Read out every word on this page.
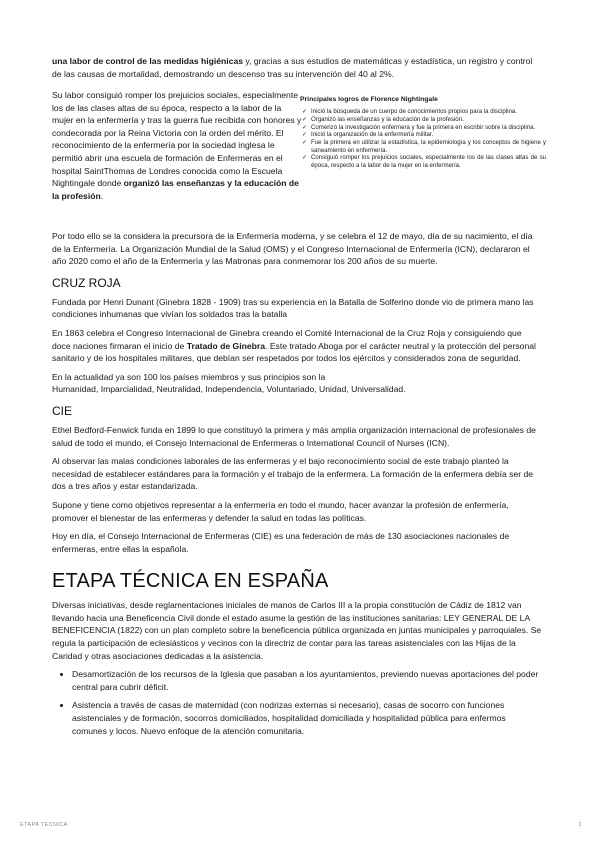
una labor de control de las medidas higiénicas y, gracias a sus estudios de matemáticas y estadística, un registro y control de las causas de mortalidad, demostrando un descenso tras su intervención del 40 al 2%.

Su labor consiguió romper los prejuicios sociales, especialmente los de las clases altas de su época, respecto a la labor de la mujer en la enfermería y tras la guerra fue recibida con honores y condecorada por la Reina Victoria con la orden del mérito. El reconocimiento de la enfermería por la sociedad inglesa le permitió abrir una escuela de formación de Enfermeras en el hospital SaintThomas de Londres conocida como la Escuela Nightingale donde organizó las enseñanzas y la educación de la profesión.

Principales logros de Florence Nightingale
✓ Inició la búsqueda de un cuerpo de conocimientos propios para la disciplina.
✓ Organizó las enseñanzas y la educación de la profesión.
✓ Comenzó la investigación enfermera y fue la primera en escribir sobre la disciplina.
✓ Inició la organización de la enfermería militar.
✓ Fue la primera en utilizar la estadística, la epidemiología y los conceptos de higiene y saneamiento en enfermería.
✓ Consiguió romper los prejuicios sociales, especialmente los de las clases altas de su época, respecto a la labor de la mujer en la enfermería.

Por todo ello se la considera la precursora de la Enfermería moderna, y se celebra el 12 de mayo, día de su nacimiento, el día de la Enfermería. La Organización Mundial de la Salud (OMS) y el Congreso Internacional de Enfermería (ICN), declararon el año 2020 como el año de la Enfermería y las Matronas para conmemorar los 200 años de su muerte.

CRUZ ROJA

Fundada por Henri Dunant (Ginebra 1828 - 1909) tras su experiencia en la Batalla de Solferino donde vio de primera mano las condiciones inhumanas que vivían los soldados tras la batalla

En 1863 celebra el Congreso Internacional de Ginebra creando el Comité Internacional de la Cruz Roja y consiguiendo que doce naciones firmaran el inicio de Tratado de Ginebra. Este tratado Aboga por el carácter neutral y la protección del personal sanitario y de los hospitales militares, que debían ser respetados por todos los ejércitos y considerados zona de seguridad.

En la actualidad ya son 100 los países miembros y sus principios son la
Humanidad, Imparcialidad, Neutralidad, Independencia, Voluntariado, Unidad, Universalidad.

CIE

Ethel Bedford-Fenwick funda en 1899 lo que constituyó la primera y más amplia organización internacional de profesionales de salud de todo el mundo, el Consejo Internacional de Enfermeras o International Council of Nurses (ICN).

Al observar las malas condiciones laborales de las enfermeras y el bajo reconocimiento social de este trabajo planteó la necesidad de establecer estándares para la formación y el trabajo de la enfermera. La formación de la enfermera debía ser de dos a tres años y estar estandarizada.

Supone y tiene como objetivos representar a la enfermería en todo el mundo, hacer avanzar la profesión de enfermería, promover el bienestar de las enfermeras y defender la salud en todas las políticas.

Hoy en día, el Consejo Internacional de Enfermeras (CIE) es una federación de más de 130 asociaciones nacionales de enfermeras, entre ellas la española.

ETAPA TÉCNICA EN ESPAÑA

Diversas iniciativas, desde reglamentaciones iniciales de manos de Carlos III a la propia constitución de Cádiz de 1812 van llevando hacia una Beneficencia Civil donde el estado asume la gestión de las instituciones sanitarias: LEY GENERAL DE LA BENEFICENCIA (1822) con un plan completo sobre la beneficencia pública organizada en juntas municipales y parroquiales. Se regula la participación de eclesiásticos y vecinos con la directriz de contar para las tareas asistenciales con las Hijas de la Caridad y otras asociaciones dedicadas a la asistencia.

• Desamortización de los recursos de la Iglesia que pasaban a los ayuntamientos, previendo nuevas aportaciones del poder central para cubrir déficit.
• Asistencia a través de casas de maternidad (con nodrizas externas si necesario), casas de socorro con funciones asistenciales y de formación, socorros domiciliados, hospitalidad domiciliada y hospitalidad pública para enfermos comunes y locos. Nuevo enfoque de la atención comunitaria.
ETAPA TÉCNICA	2
